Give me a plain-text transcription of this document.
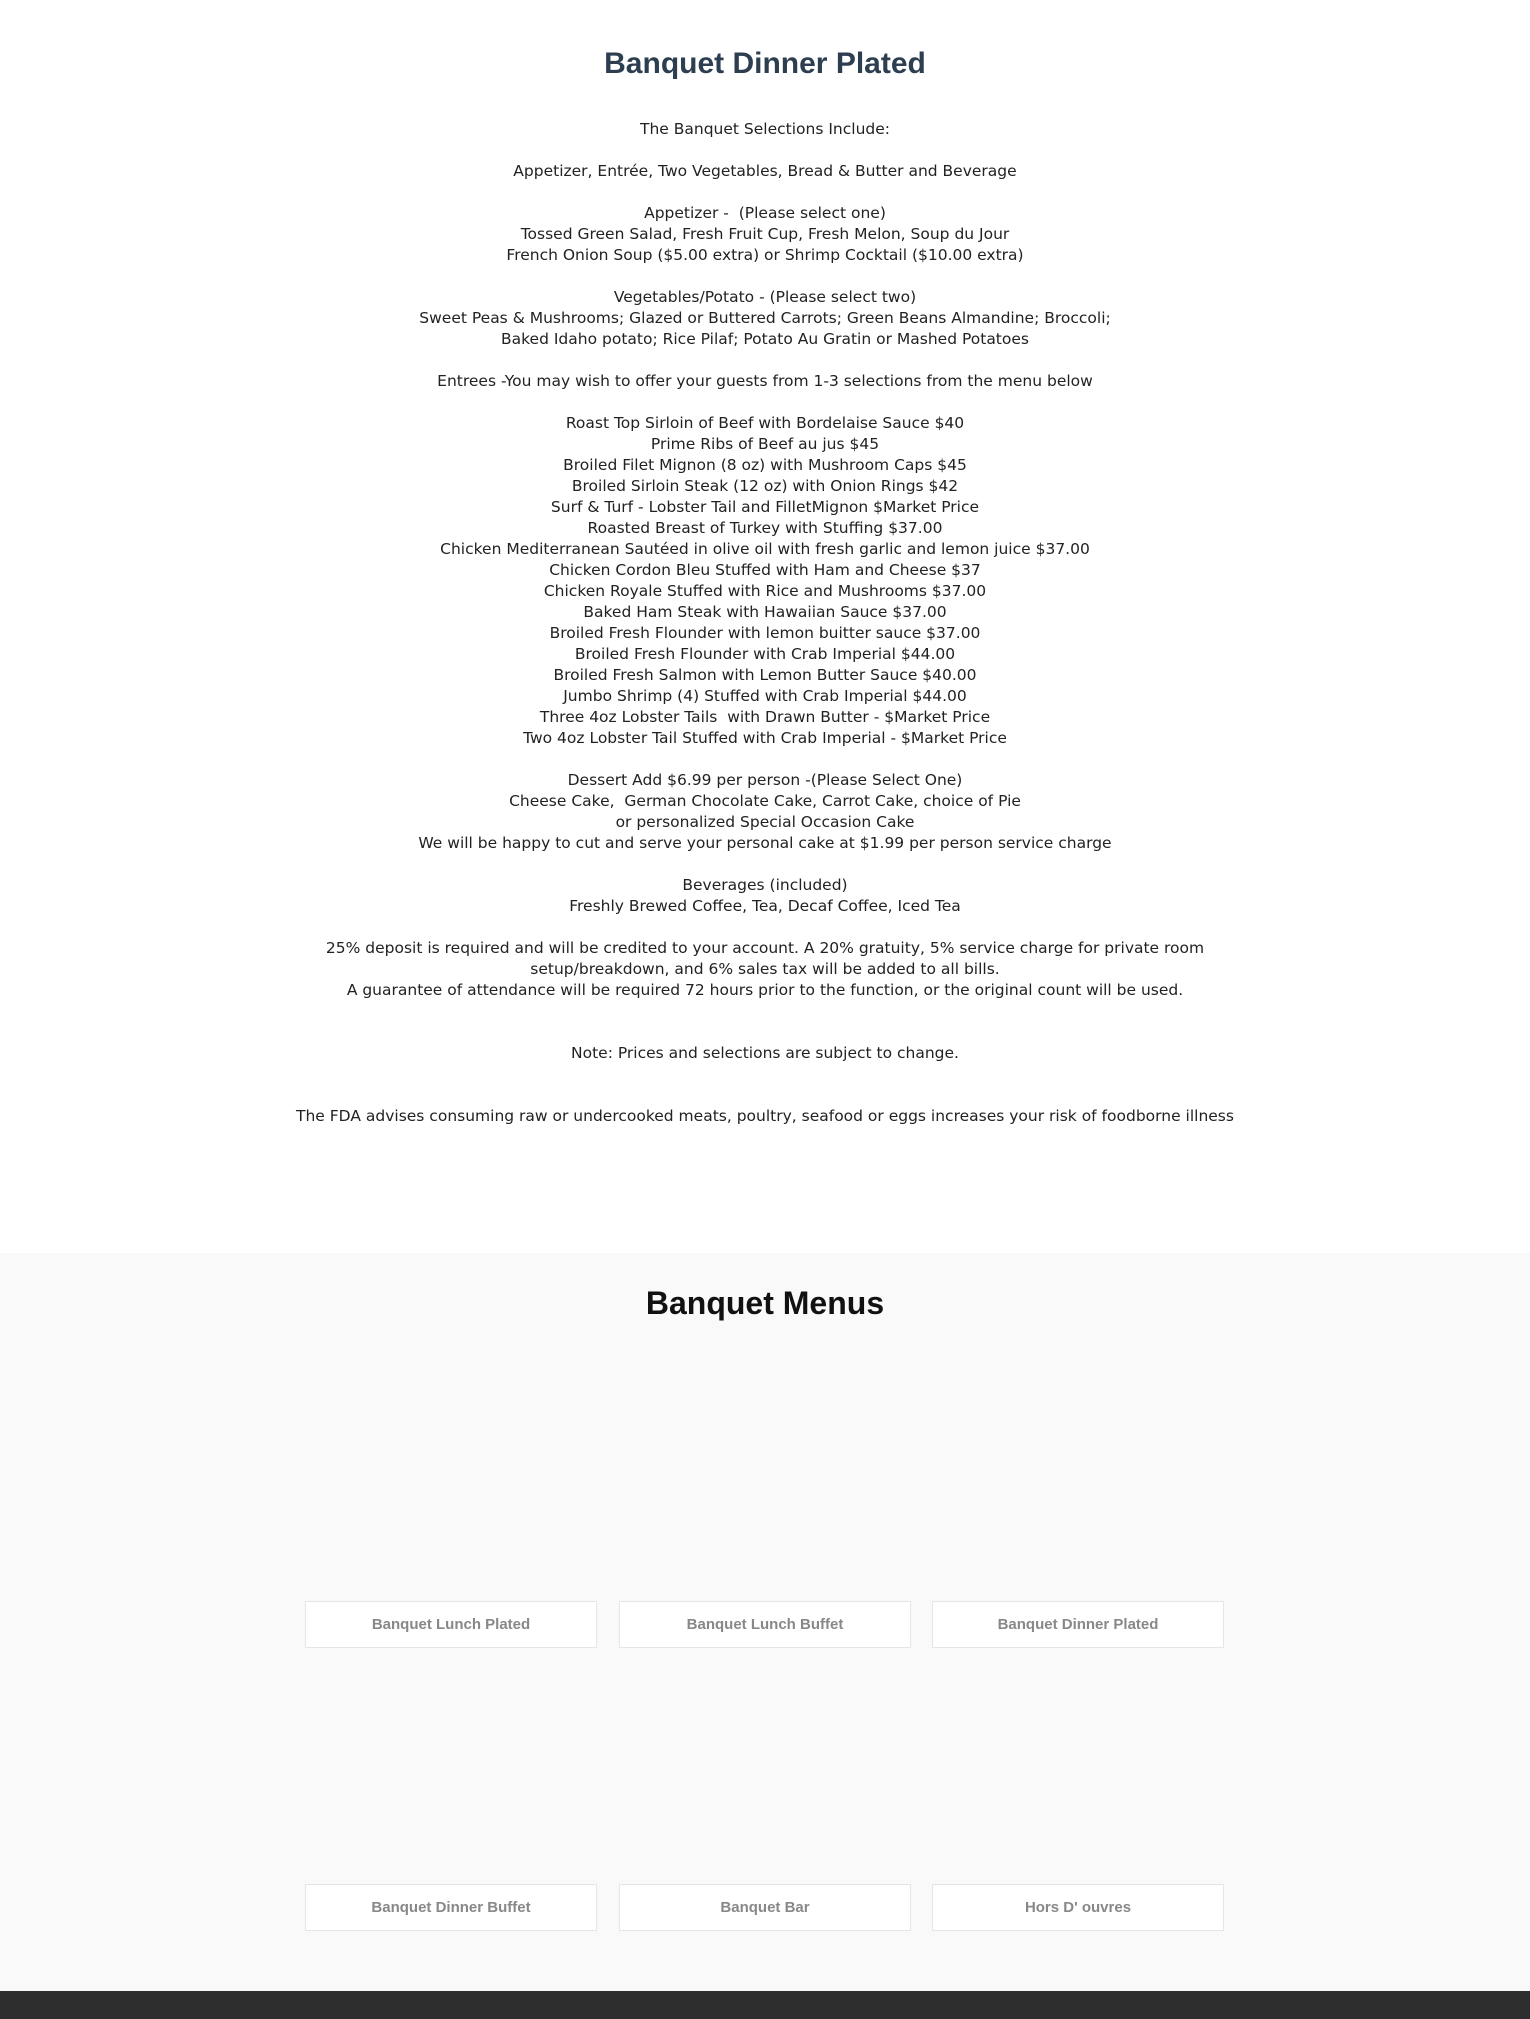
Banquet Dinner Plated
The Banquet Selections Include:
Appetizer, Entrée, Two Vegetables, Bread & Butter and Beverage
Appetizer -  (Please select one)
Tossed Green Salad, Fresh Fruit Cup, Fresh Melon, Soup du Jour
French Onion Soup ($5.00 extra) or Shrimp Cocktail ($10.00 extra)
Vegetables/Potato - (Please select two)
Sweet Peas & Mushrooms; Glazed or Buttered Carrots; Green Beans Almandine; Broccoli;
Baked Idaho potato; Rice Pilaf; Potato Au Gratin or Mashed Potatoes
Entrees -You may wish to offer your guests from 1-3 selections from the menu below
Roast Top Sirloin of Beef with Bordelaise Sauce $40
Prime Ribs of Beef au jus $45
Broiled Filet Mignon (8 oz) with Mushroom Caps $45
Broiled Sirloin Steak (12 oz) with Onion Rings $42
Surf & Turf - Lobster Tail and FilletMignon $Market Price
Roasted Breast of Turkey with Stuffing $37.00
Chicken Mediterranean Sautéed in olive oil with fresh garlic and lemon juice $37.00
Chicken Cordon Bleu Stuffed with Ham and Cheese $37
Chicken Royale Stuffed with Rice and Mushrooms $37.00
Baked Ham Steak with Hawaiian Sauce $37.00
Broiled Fresh Flounder with lemon buitter sauce $37.00
Broiled Fresh Flounder with Crab Imperial $44.00
Broiled Fresh Salmon with Lemon Butter Sauce $40.00
Jumbo Shrimp (4) Stuffed with Crab Imperial $44.00
Three 4oz Lobster Tails  with Drawn Butter - $Market Price
Two 4oz Lobster Tail Stuffed with Crab Imperial - $Market Price
Dessert Add $6.99 per person -(Please Select One)
Cheese Cake,  German Chocolate Cake, Carrot Cake, choice of Pie
or personalized Special Occasion Cake
We will be happy to cut and serve your personal cake at $1.99 per person service charge
Beverages (included)
Freshly Brewed Coffee, Tea, Decaf Coffee, Iced Tea
25% deposit is required and will be credited to your account. A 20% gratuity, 5% service charge for private room
setup/breakdown, and 6% sales tax will be added to all bills.
A guarantee of attendance will be required 72 hours prior to the function, or the original count will be used.
Note: Prices and selections are subject to change.
The FDA advises consuming raw or undercooked meats, poultry, seafood or eggs increases your risk of foodborne illness
Banquet Menus
Banquet Lunch Plated	Banquet Lunch Buffet	Banquet Dinner Plated
Banquet Dinner Buffet	Banquet Bar	Hors D' ouvres
